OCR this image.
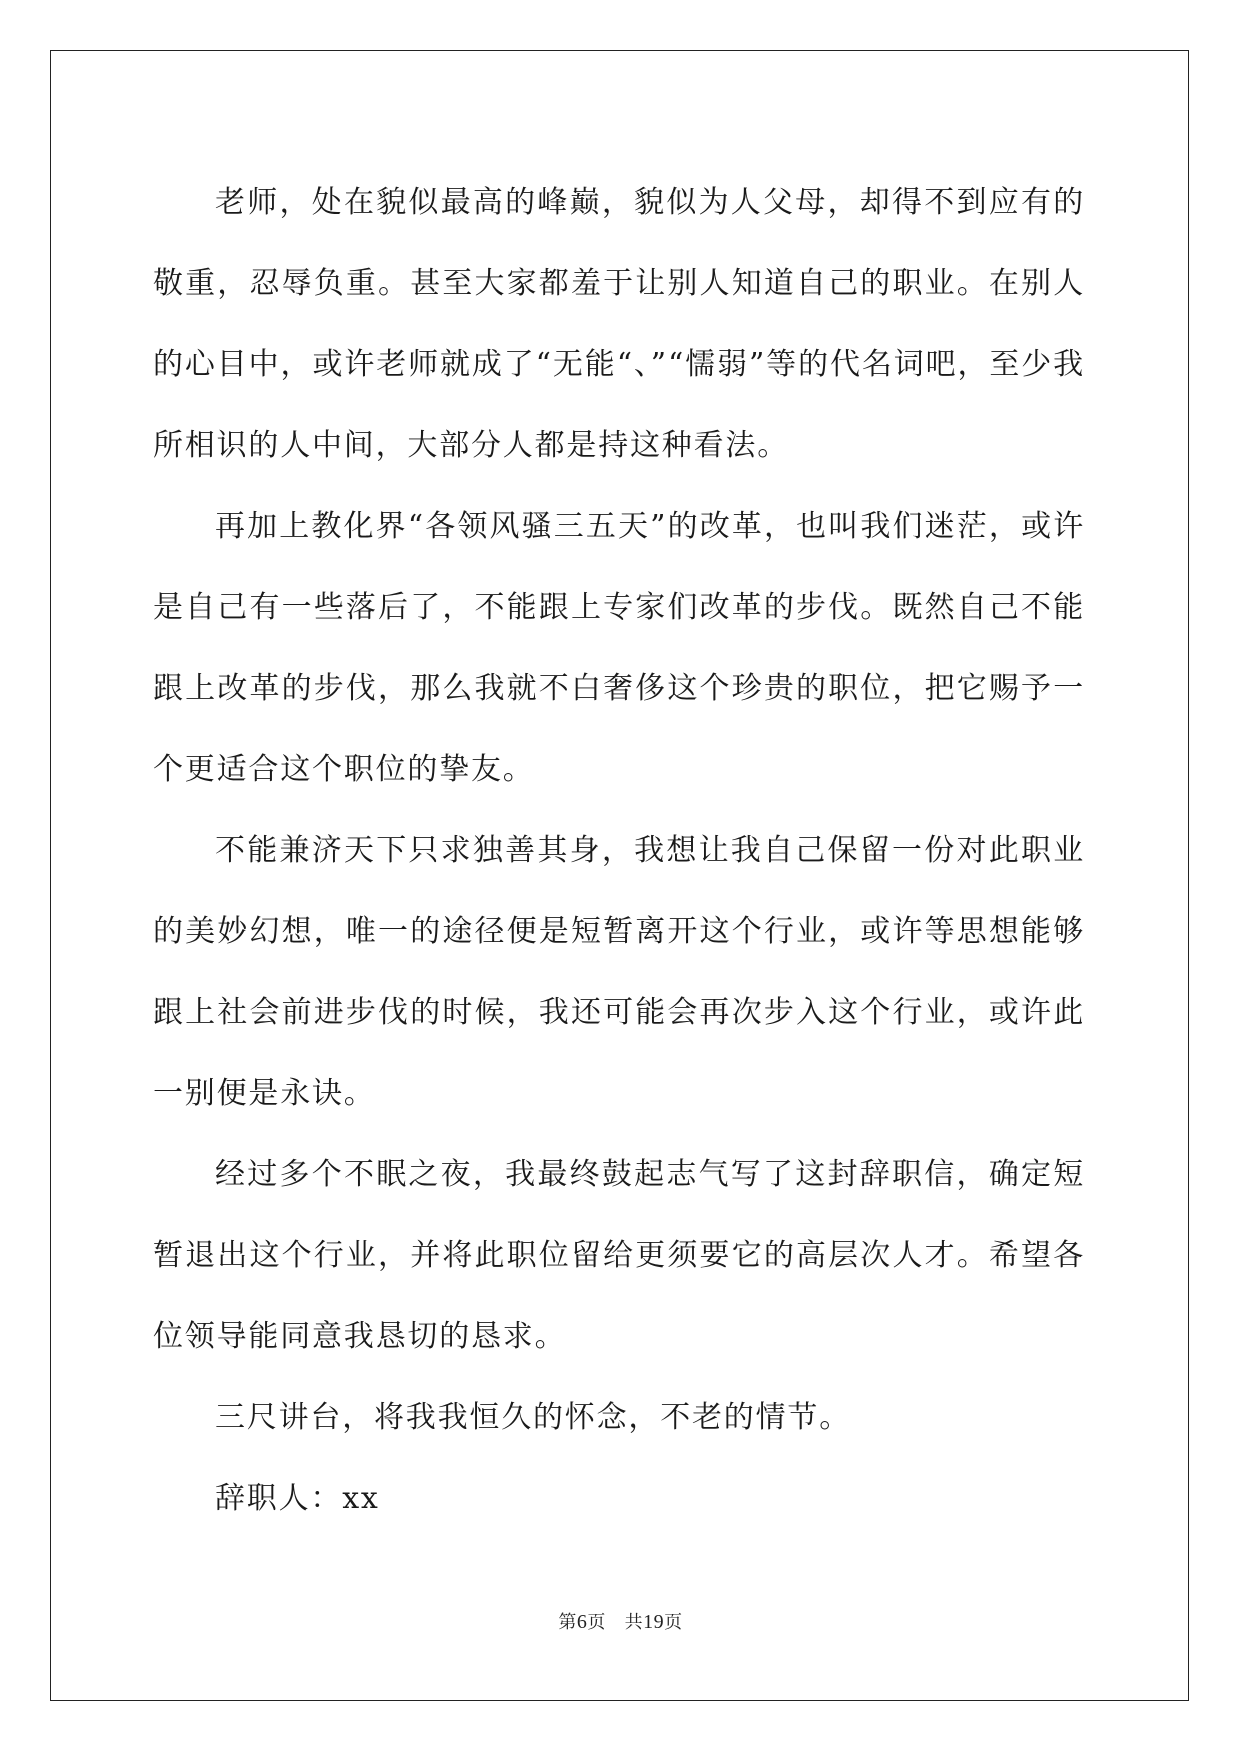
老师，处在貌似最高的峰巅，貌似为人父母，却得不到应有的敬重，忍辱负重。甚至大家都羞于让别人知道自己的职业。在别人的心目中，或许老师就成了“无能“、”“懦弱”等的代名词吧，至少我所相识的人中间，大部分人都是持这种看法。

再加上教化界“各领风骚三五天”的改革，也叫我们迷茫，或许是自己有一些落后了，不能跟上专家们改革的步伐。既然自己不能跟上改革的步伐，那么我就不白奢侈这个珍贵的职位，把它赐予一个更适合这个职位的挚友。

不能兼济天下只求独善其身，我想让我自己保留一份对此职业的美妙幻想，唯一的途径便是短暂离开这个行业，或许等思想能够跟上社会前进步伐的时候，我还可能会再次步入这个行业，或许此一别便是永诀。

经过多个不眠之夜，我最终鼓起志气写了这封辞职信，确定短暂退出这个行业，并将此职位留给更须要它的高层次人才。希望各位领导能同意我恳切的恳求。

三尺讲台，将我我恒久的怀念，不老的情节。

辞职人：xx

第6页 共19页
